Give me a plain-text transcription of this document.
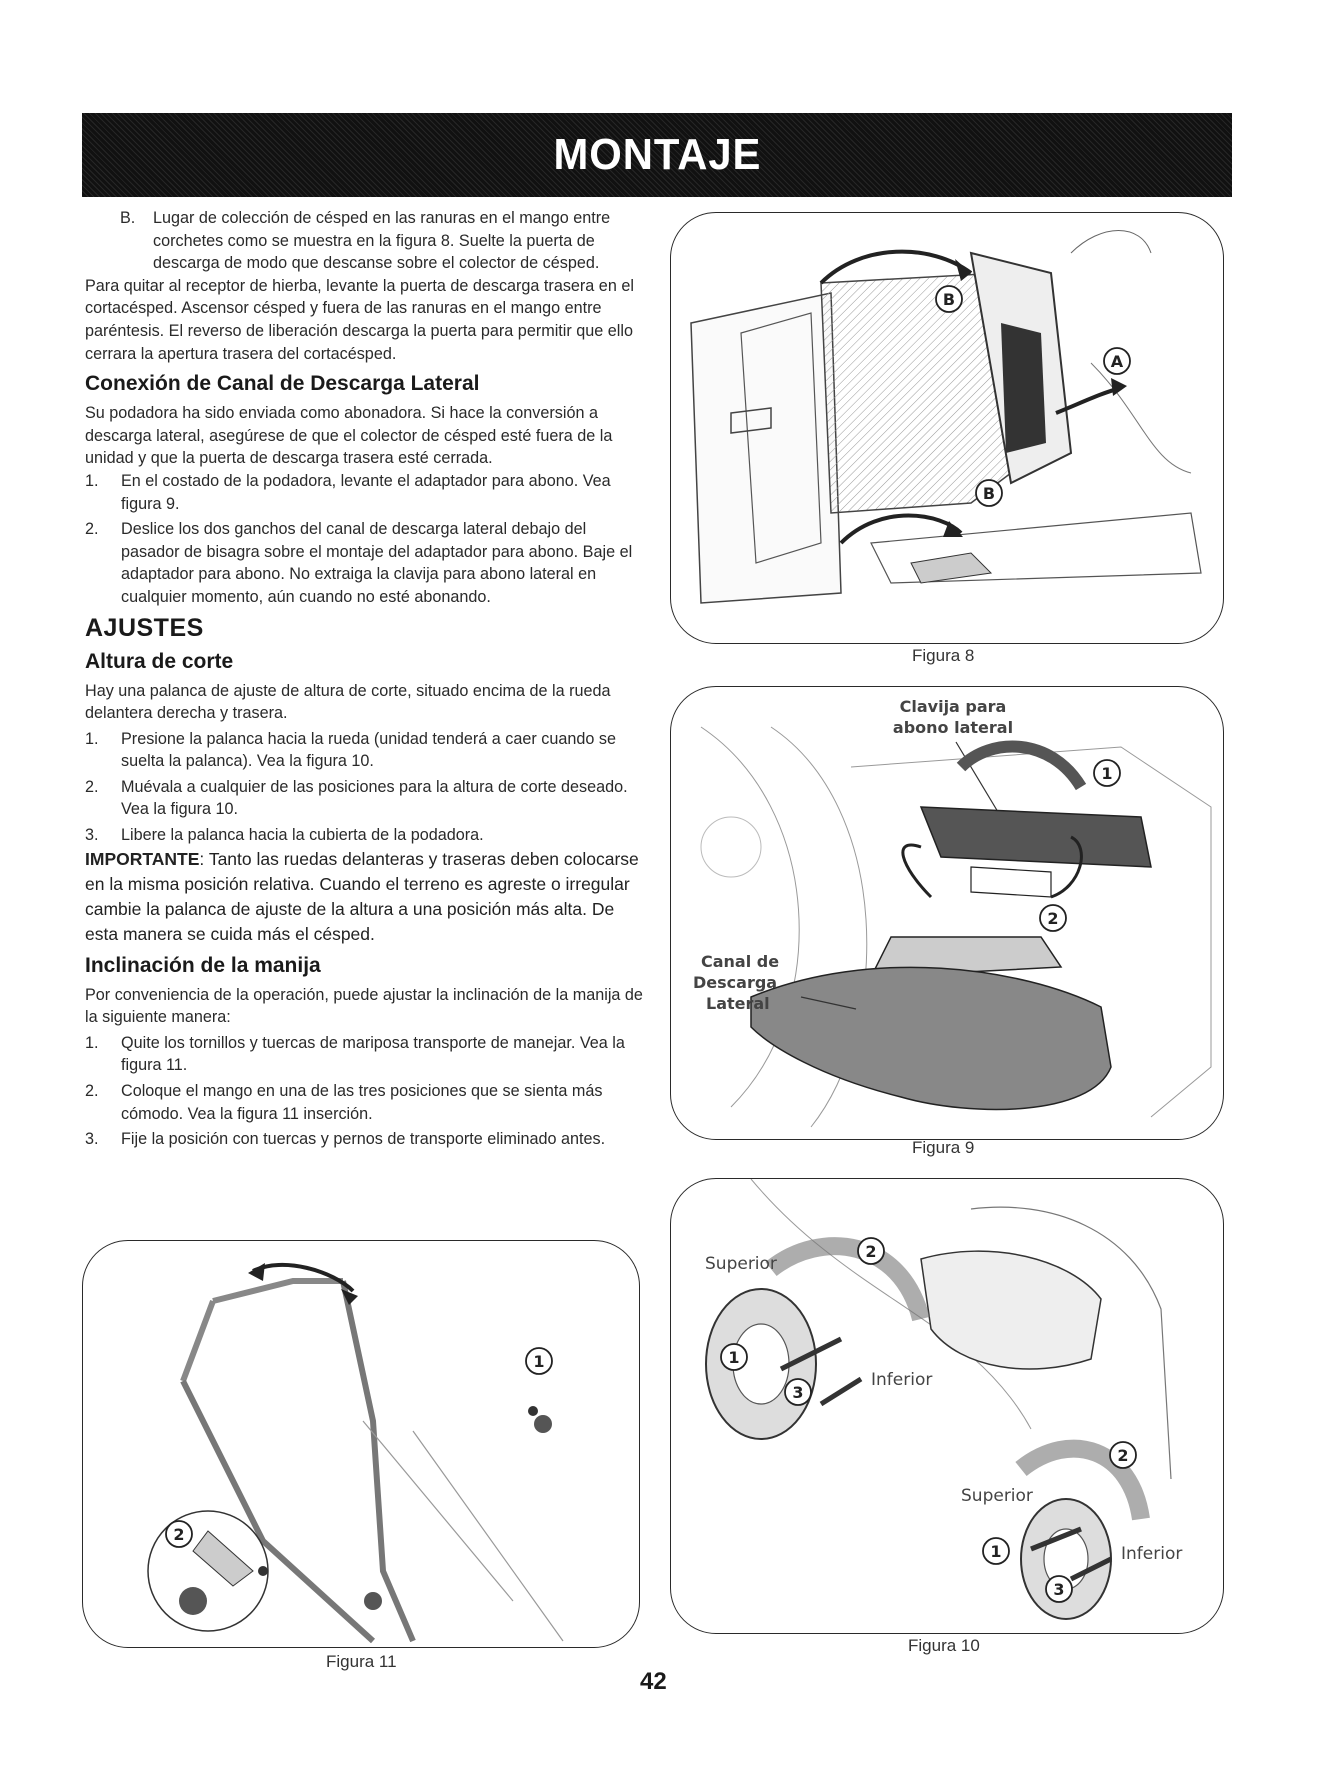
MONTAJE
B.	Lugar de colección de césped en las ranuras en el mango entre corchetes como se muestra en la figura 8. Suelte la puerta de descarga de modo que descanse sobre el colector de césped.

Para quitar al receptor de hierba, levante la puerta de descarga trasera en el cortacésped. Ascensor césped y fuera de las ranuras en el mango entre paréntesis. El reverso de liberación descarga la puerta para permitir que ello cerrara la apertura trasera del cortacésped.

Conexión de Canal de Descarga Lateral

Su podadora ha sido enviada como abonadora. Si hace la conversión a descarga lateral, asegúrese de que el colector de césped esté fuera de la unidad y que la puerta de descarga trasera esté cerrada.

1.	En el costado de la podadora, levante el adaptador para abono. Vea figura 9.
2.	Deslice los dos ganchos del canal de descarga lateral debajo del pasador de bisagra sobre el montaje del adaptador para abono. Baje el adaptador para abono. No extraiga la clavija para abono lateral en cualquier momento, aún cuando no esté abonando.
AJUSTES
Altura de corte

Hay una palanca de ajuste de altura de corte, situado encima de la rueda delantera derecha y trasera.

1.	Presione la palanca hacia la rueda (unidad tenderá a caer cuando se suelta la palanca). Vea la figura 10.
2.	Muévala a cualquier de las posiciones para la altura de corte deseado. Vea la figura 10.
3.	Libere la palanca hacia la cubierta de la podadora.

IMPORTANTE: Tanto las ruedas delanteras y traseras deben colocarse en la misma posición relativa. Cuando el terreno es agreste o irregular cambie la palanca de ajuste de la altura a una posición más alta. De esta manera se cuida más el césped.

Inclinación de la manija

Por conveniencia de la operación, puede ajustar la inclinación de la manija de la siguiente manera:

1.	Quite los tornillos y tuercas de mariposa transporte de manejar. Vea la figura 11.
2.	Coloque el mango en una de las tres posiciones que se sienta más cómodo. Vea la figura 11 inserción.
3.	Fije la posición con tuercas y pernos de transporte eliminado antes.
B
A
B
Figura 8
Clavija para
abono lateral
1
2
Canal de
Descarga
Lateral
Figura 9
Superior
Inferior
Superior
Inferior
2
1
3
2
1
3
Figura 10
1
2
Figura 11
42
